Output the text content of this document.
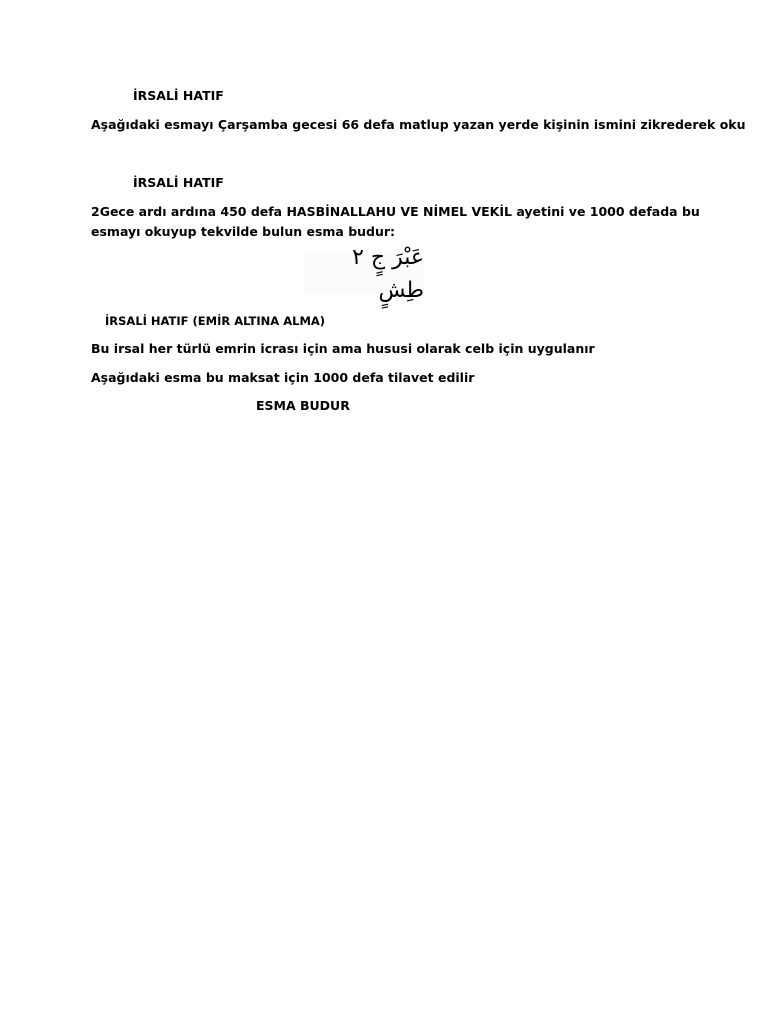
İRSALİ HATIF
Aşağıdaki esmayı Çarşamba gecesi 66 defa matlup yazan yerde kişinin ismini zikrederek oku
İRSALİ HATIF
2Gece ardı ardına 450 defa HASBİNALLAHU VE NİMEL VEKİL ayetini ve 1000 defada bu
esmayı okuyup tekvilde bulun esma budur:
عَبْرَ جٍ ٢ طِشٍ
İRSALİ HATIF (EMİR ALTINA ALMA)
Bu irsal her türlü emrin icrası için ama hususi olarak celb için uygulanır
Aşağıdaki esma bu maksat için 1000 defa tilavet edilir
ESMA BUDUR
